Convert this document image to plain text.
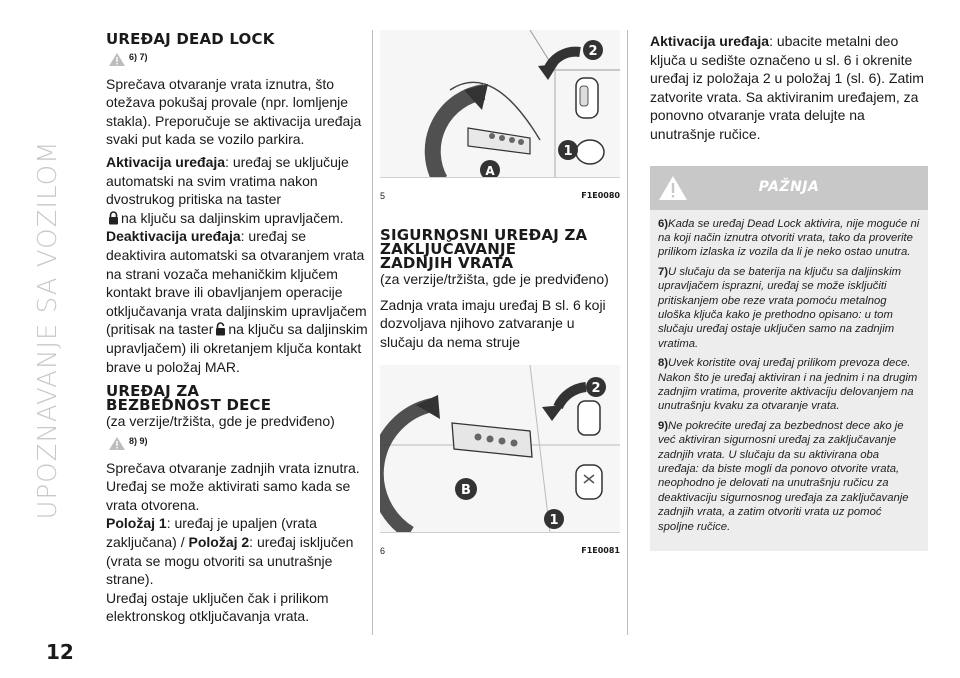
UPOZNAVANJE SA VOZILOM
12
UREĐAJ DEAD LOCK
6) 7)

Sprečava otvaranje vrata iznutra, što otežava pokušaj provale (npr. lomljenje stakla). Preporučuje se aktivacija uređaja svaki put kada se vozilo parkira.

Aktivacija uređaja: uređaj se uključuje automatski na svim vratima nakon dvostrukog pritiska na taster
na ključu sa daljinskim upravljačem.

Deaktivacija uređaja: uređaj se deaktivira automatski sa otvaranjem vrata na strani vozača mehaničkim ključem kontakt brave ili obavljanjem operacije otključavanja vrata daljinskim upravljačem (pritisak na taster na ključu sa daljinskim upravljačem) ili okretanjem ključa kontakt brave u položaj MAR.

UREĐAJ ZA
BEZBEDNOST DECE

(za verzije/tržišta, gde je predviđeno)

8) 9)

Sprečava otvaranje zadnjih vrata iznutra. Uređaj se može aktivirati samo kada se vrata otvorena.

Položaj 1: uređaj je upaljen (vrata zaključana) / Položaj 2: uređaj isključen (vrata se mogu otvoriti sa unutrašnje strane).

Uređaj ostaje uključen čak i prilikom elektronskog otključavanja vrata.

2
1
A
5	F1E0080
SIGURNOSNI UREĐAJ ZA
ZAKLJUČAVANJE
ZADNJIH VRATA

(za verzije/tržišta, gde je predviđeno)

Zadnja vrata imaju uređaj B sl. 6 koji dozvoljava njihovo zatvaranje u slučaju da nema struje

2
B
1
6	F1E0081

Aktivacija uređaja: ubacite metalni deo ključa u sedište označeno u sl. 6 i okrenite uređaj iz položaja 2 u položaj 1 (sl. 6). Zatim zatvorite vrata. Sa aktiviranim uređajem, za ponovno otvaranje vrata delujte na unutrašnje ručice.

PAŽNJA
6)Kada se uređaj Dead Lock aktivira, nije moguće ni na koji način iznutra otvoriti vrata, tako da proverite prilikom izlaska iz vozila da li je neko ostao unutra.
7)U slučaju da se baterija na ključu sa daljinskim upravljačem isprazni, uređaj se može isključiti pritiskanjem obe reze vrata pomoću metalnog uloška ključa kako je prethodno opisano: u tom slučaju uređaj ostaje uključen samo na zadnjim vratima.
8)Uvek koristite ovaj uređaj prilikom prevoza dece. Nakon što je uređaj aktiviran i na jednim i na drugim zadnjim vratima, proverite aktivaciju delovanjem na unutrašnju kvaku za otvaranje vrata.
9)Ne pokrećite uređaj za bezbednost dece ako je već aktiviran sigurnosni uređaj za zaključavanje zadnjih vrata. U slučaju da su aktivirana oba uređaja: da biste mogli da ponovo otvorite vrata, neophodno je delovati na unutrašnju ručicu za deaktivaciju sigurnosnog uređaja za zaključavanje zadnjih vrata, a zatim otvoriti vrata uz pomoć spoljne ručice.
